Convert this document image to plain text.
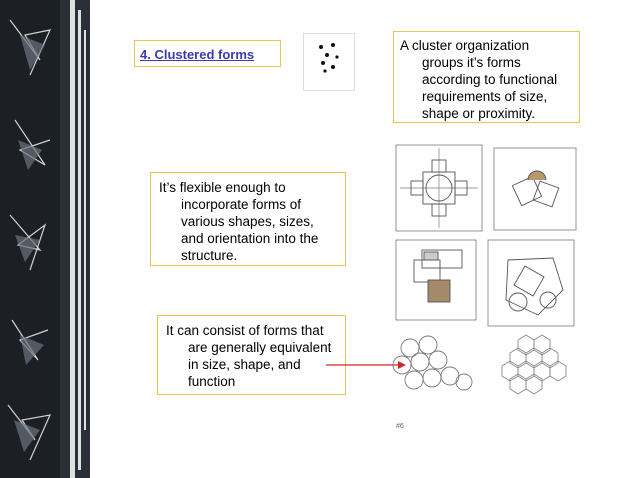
4. Clustered forms
A cluster organization
groups it’s forms according to functional requirements of size, shape or proximity.
It’s flexible enough to
incorporate forms of various shapes, sizes, and orientation into the structure.
It can consist of forms that
are generally equivalent in size, shape, and function
#6
